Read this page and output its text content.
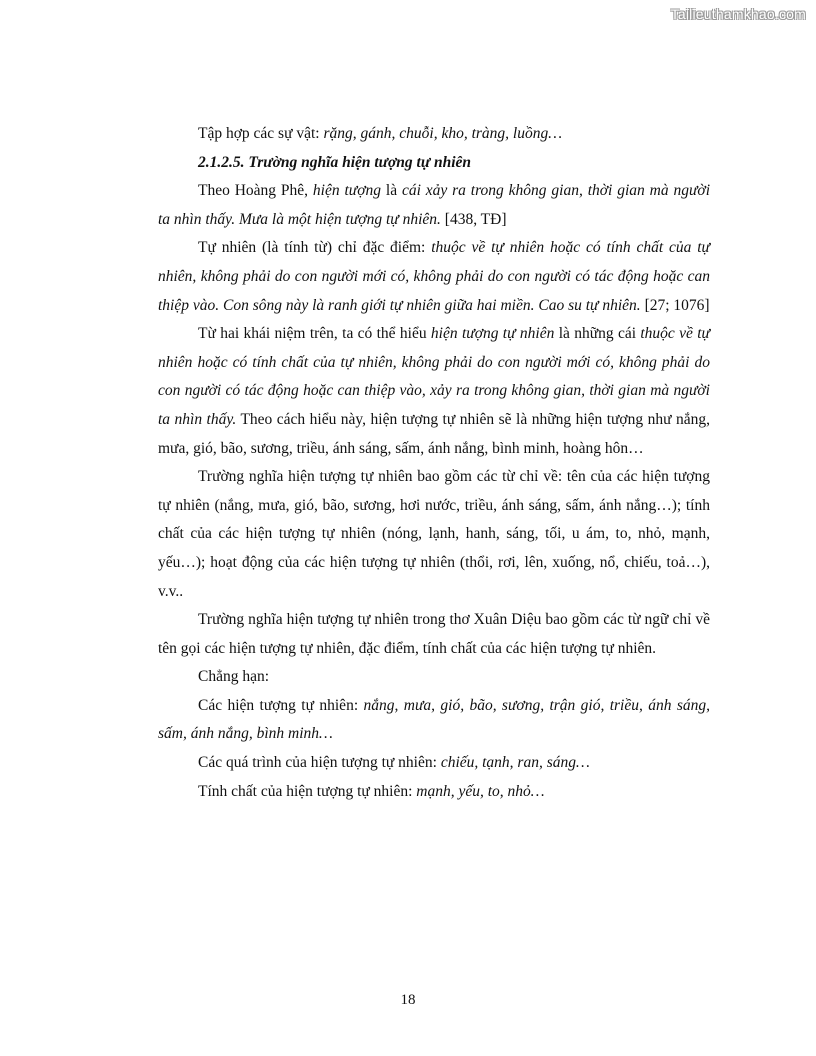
Tailieuthamkhao.com

Tập hợp các sự vật: rặng, gánh, chuỗi, kho, tràng, luồng…

2.1.2.5. Trường nghĩa hiện tượng tự nhiên

Theo Hoàng Phê, hiện tượng là cái xảy ra trong không gian, thời gian mà người ta nhìn thấy. Mưa là một hiện tượng tự nhiên. [438, TĐ]

Tự nhiên (là tính từ) chỉ đặc điểm: thuộc về tự nhiên hoặc có tính chất của tự nhiên, không phải do con người mới có, không phải do con người có tác động hoặc can thiệp vào. Con sông này là ranh giới tự nhiên giữa hai miền. Cao su tự nhiên. [27; 1076]

Từ hai khái niệm trên, ta có thể hiểu hiện tượng tự nhiên là những cái thuộc về tự nhiên hoặc có tính chất của tự nhiên, không phải do con người mới có, không phải do con người có tác động hoặc can thiệp vào, xảy ra trong không gian, thời gian mà người ta nhìn thấy. Theo cách hiểu này, hiện tượng tự nhiên sẽ là những hiện tượng như nắng, mưa, gió, bão, sương, triều, ánh sáng, sấm, ánh nắng, bình minh, hoàng hôn…

Trường nghĩa hiện tượng tự nhiên bao gồm các từ chỉ về: tên của các hiện tượng tự nhiên (nắng, mưa, gió, bão, sương, hơi nước, triều, ánh sáng, sấm, ánh nắng…); tính chất của các hiện tượng tự nhiên (nóng, lạnh, hanh, sáng, tối, u ám, to, nhỏ, mạnh, yếu…); hoạt động của các hiện tượng tự nhiên (thổi, rơi, lên, xuống, nổ, chiếu, toả…), v.v..

Trường nghĩa hiện tượng tự nhiên trong thơ Xuân Diệu bao gồm các từ ngữ chỉ về tên gọi các hiện tượng tự nhiên, đặc điểm, tính chất của các hiện tượng tự nhiên.

Chẳng hạn:

Các hiện tượng tự nhiên: nắng, mưa, gió, bão, sương, trận gió, triều, ánh sáng, sấm, ánh nắng, bình minh…

Các quá trình của hiện tượng tự nhiên: chiếu, tạnh, ran, sáng…

Tính chất của hiện tượng tự nhiên: mạnh, yếu, to, nhỏ…

18
